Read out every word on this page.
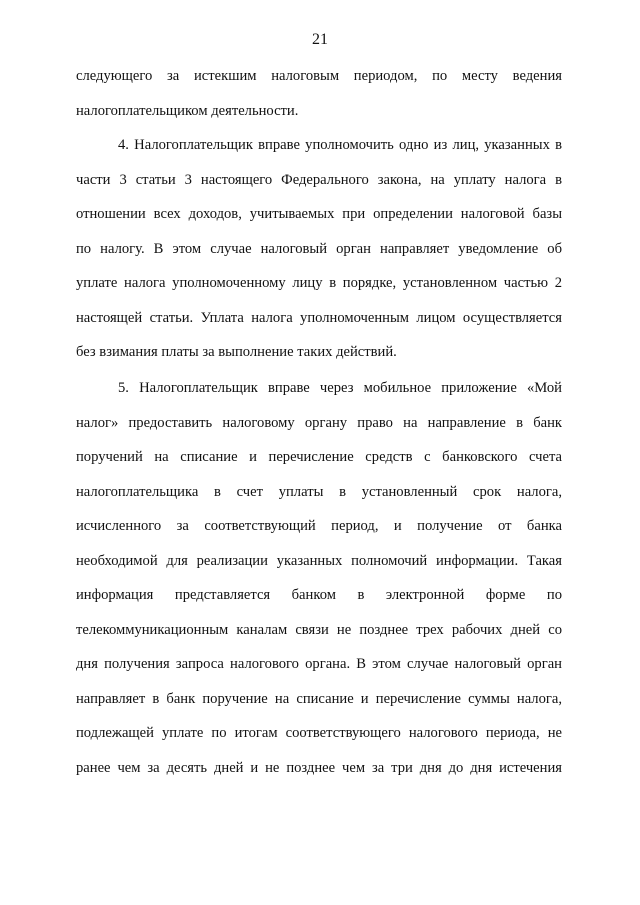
21
следующего за истекшим налоговым периодом, по месту ведения
налогоплательщиком деятельности.
4. Налогоплательщик вправе уполномочить одно из лиц, указанных в
части 3 статьи 3 настоящего Федерального закона, на уплату налога в
отношении всех доходов, учитываемых при определении налоговой базы
по налогу. В этом случае налоговый орган направляет уведомление об
уплате налога уполномоченному лицу в порядке, установленном частью 2
настоящей статьи. Уплата налога уполномоченным лицом осуществляется
без взимания платы за выполнение таких действий.
5. Налогоплательщик вправе через мобильное приложение «Мой
налог» предоставить налоговому органу право на направление в банк
поручений на списание и перечисление средств с банковского счета
налогоплательщика в счет уплаты в установленный срок налога,
исчисленного за соответствующий период, и получение от банка
необходимой для реализации указанных полномочий информации. Такая
информация представляется банком в электронной форме по
телекоммуникационным каналам связи не позднее трех рабочих дней со
дня получения запроса налогового органа. В этом случае налоговый орган
направляет в банк поручение на списание и перечисление суммы налога,
подлежащей уплате по итогам соответствующего налогового периода, не
ранее чем за десять дней и не позднее чем за три дня до дня истечения
